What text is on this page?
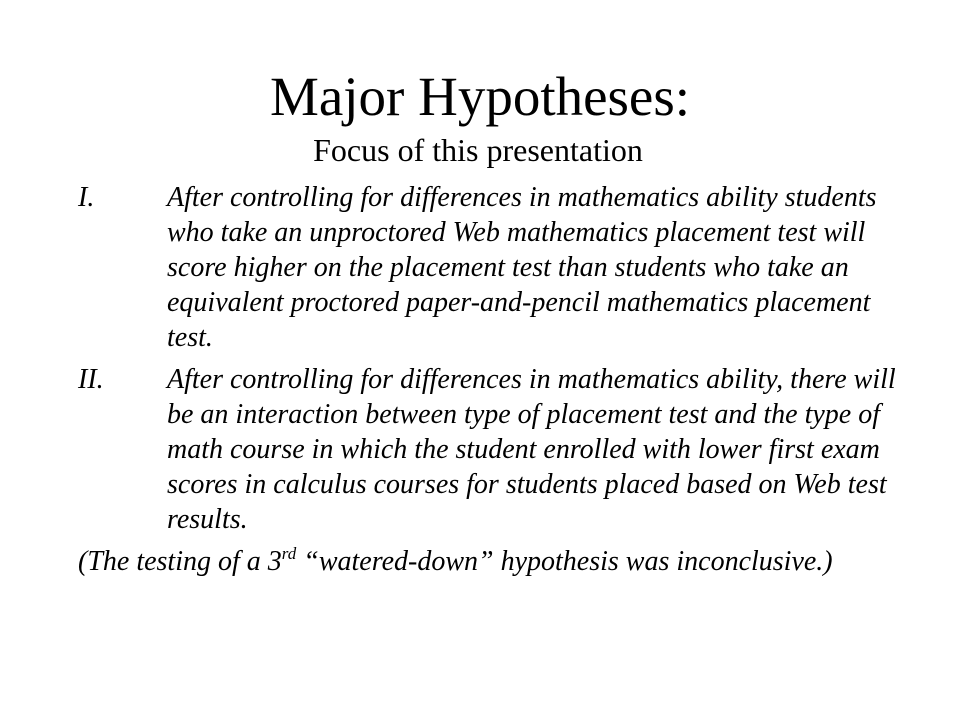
Major Hypotheses:
Focus of this presentation
I.	After controlling for differences in mathematics ability students who take an unproctored Web mathematics placement test will score higher on the placement test than students who take an equivalent proctored paper-and-pencil mathematics placement test.
II. After controlling for differences in mathematics ability, there will be an interaction between type of placement test and the type of math course in which the student enrolled with lower first exam scores in calculus courses for students placed based on Web test results.
(The testing of a 3rd “watered-down” hypothesis was inconclusive.)
